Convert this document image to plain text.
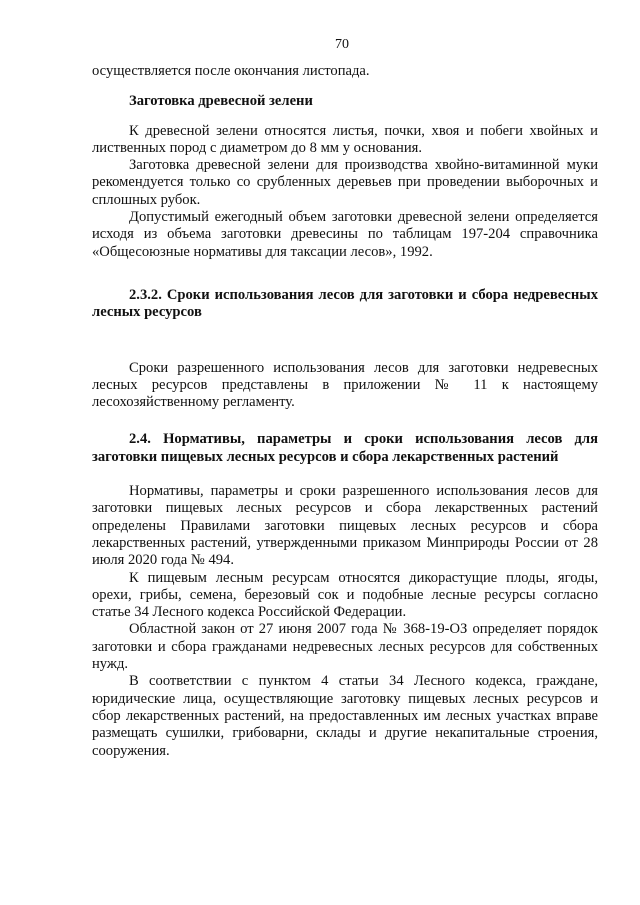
70

осуществляется после окончания листопада.

Заготовка древесной зелени

К древесной зелени относятся листья, почки, хвоя и побеги хвойных и лиственных пород с диаметром до 8 мм у основания.

Заготовка древесной зелени для производства хвойно-витаминной муки рекомендуется только со срубленных деревьев при проведении выборочных и сплошных рубок.

Допустимый ежегодный объем заготовки древесной зелени определяется исходя из объема заготовки древесины по таблицам 197-204 справочника «Общесоюзные нормативы для таксации лесов», 1992.

2.3.2. Сроки использования лесов для заготовки и сбора недревесных лесных ресурсов

Сроки разрешенного использования лесов для заготовки недревесных лесных ресурсов представлены в приложении № 11 к настоящему лесохозяйственному регламенту.

2.4. Нормативы, параметры и сроки использования лесов для заготовки пищевых лесных ресурсов и сбора лекарственных растений

Нормативы, параметры и сроки разрешенного использования лесов для заготовки пищевых лесных ресурсов и сбора лекарственных растений определены Правилами заготовки пищевых лесных ресурсов и сбора лекарственных растений, утвержденными приказом Минприроды России от 28 июля 2020 года № 494.

К пищевым лесным ресурсам относятся дикорастущие плоды, ягоды, орехи, грибы, семена, березовый сок и подобные лесные ресурсы согласно статье 34 Лесного кодекса Российской Федерации.

Областной закон от 27 июня 2007 года № 368-19-ОЗ определяет порядок заготовки и сбора гражданами недревесных лесных ресурсов для собственных нужд.

В соответствии с пунктом 4 статьи 34 Лесного кодекса, граждане, юридические лица, осуществляющие заготовку пищевых лесных ресурсов и сбор лекарственных растений, на предоставленных им лесных участках вправе размещать сушилки, грибоварни, склады и другие некапитальные строения, сооружения.
